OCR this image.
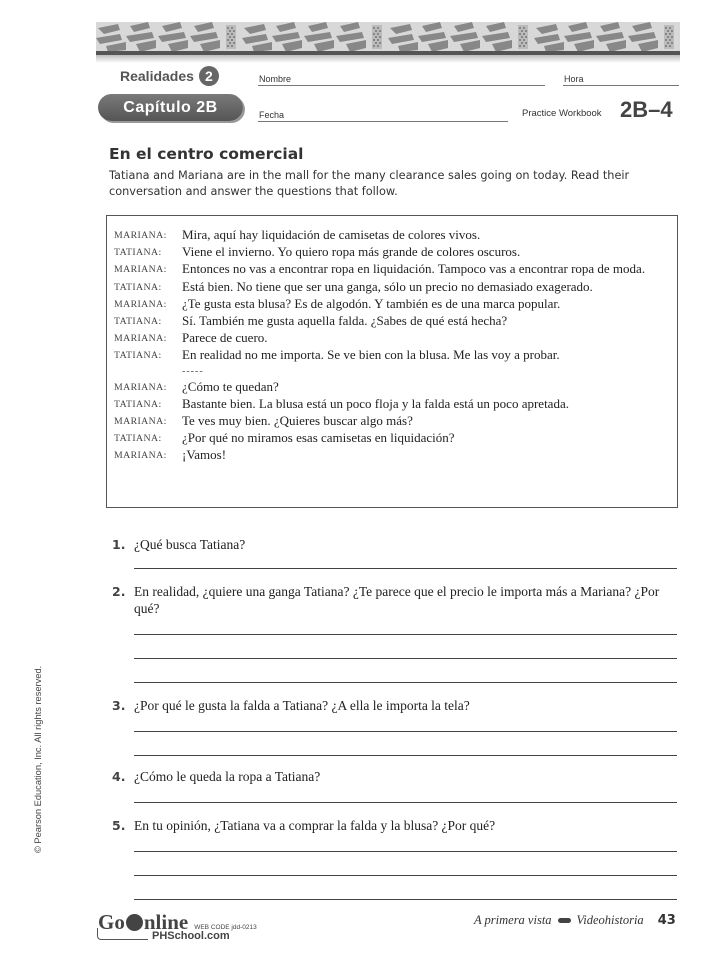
Realidades 2
Capítulo 2B
Nombre	Hora
Fecha	Practice Workbook 2B–4
En el centro comercial
Tatiana and Mariana are in the mall for the many clearance sales going on today. Read their conversation and answer the questions that follow.
MARIANA:	Mira, aquí hay liquidación de camisetas de colores vivos.
TATIANA:	Viene el invierno. Yo quiero ropa más grande de colores oscuros.
MARIANA:	Entonces no vas a encontrar ropa en liquidación. Tampoco vas a encontrar ropa de moda.
TATIANA:	Está bien. No tiene que ser una ganga, sólo un precio no demasiado exagerado.
MARIANA:	¿Te gusta esta blusa? Es de algodón. Y también es de una marca popular.
TATIANA:	Sí. También me gusta aquella falda. ¿Sabes de qué está hecha?
MARIANA:	Parece de cuero.
TATIANA:	En realidad no me importa. Se ve bien con la blusa. Me las voy a probar.
-----
MARIANA:	¿Cómo te quedan?
TATIANA:	Bastante bien. La blusa está un poco floja y la falda está un poco apretada.
MARIANA:	Te ves muy bien. ¿Quieres buscar algo más?
TATIANA:	¿Por qué no miramos esas camisetas en liquidación?
MARIANA:	¡Vamos!
1. ¿Qué busca Tatiana?
2. En realidad, ¿quiere una ganga Tatiana? ¿Te parece que el precio le importa más a Mariana? ¿Por qué?
3. ¿Por qué le gusta la falda a Tatiana? ¿A ella le importa la tela?
4. ¿Cómo le queda la ropa a Tatiana?
5. En tu opinión, ¿Tatiana va a comprar la falda y la blusa? ¿Por qué?
© Pearson Education, Inc. All rights reserved.
Go nline WEB CODE jdd-0213
PHSchool.com
A primera vista Videohistoria 43
